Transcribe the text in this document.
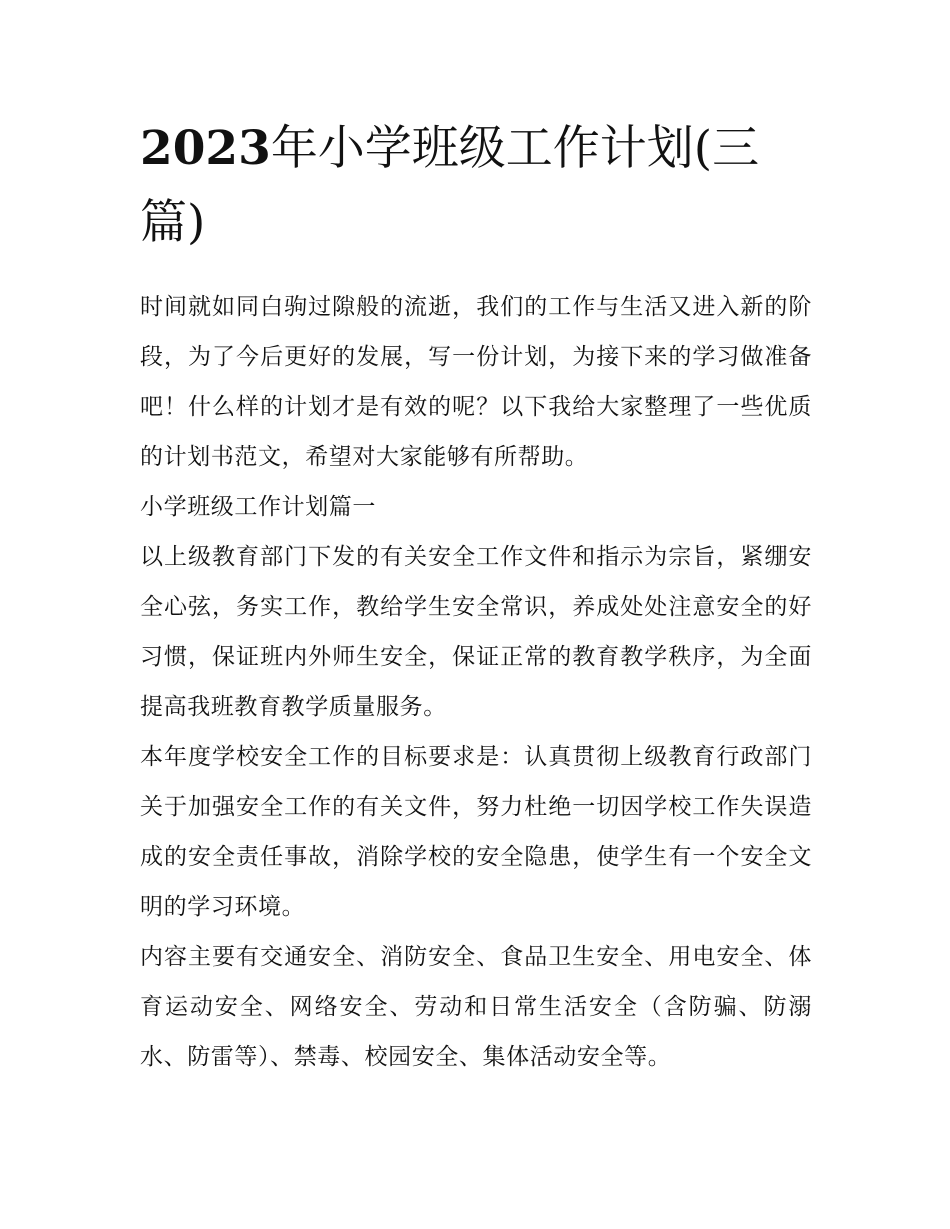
2023年小学班级工作计划(三篇)

时间就如同白驹过隙般的流逝，我们的工作与生活又进入新的阶段，为了今后更好的发展，写一份计划，为接下来的学习做准备吧！什么样的计划才是有效的呢？以下我给大家整理了一些优质的计划书范文，希望对大家能够有所帮助。

小学班级工作计划篇一

以上级教育部门下发的有关安全工作文件和指示为宗旨，紧绷安全心弦，务实工作，教给学生安全常识，养成处处注意安全的好习惯，保证班内外师生安全，保证正常的教育教学秩序，为全面提高我班教育教学质量服务。

本年度学校安全工作的目标要求是：认真贯彻上级教育行政部门关于加强安全工作的有关文件，努力杜绝一切因学校工作失误造成的安全责任事故，消除学校的安全隐患，使学生有一个安全文明的学习环境。

内容主要有交通安全、消防安全、食品卫生安全、用电安全、体育运动安全、网络安全、劳动和日常生活安全（含防骗、防溺水、防雷等）、禁毒、校园安全、集体活动安全等。
